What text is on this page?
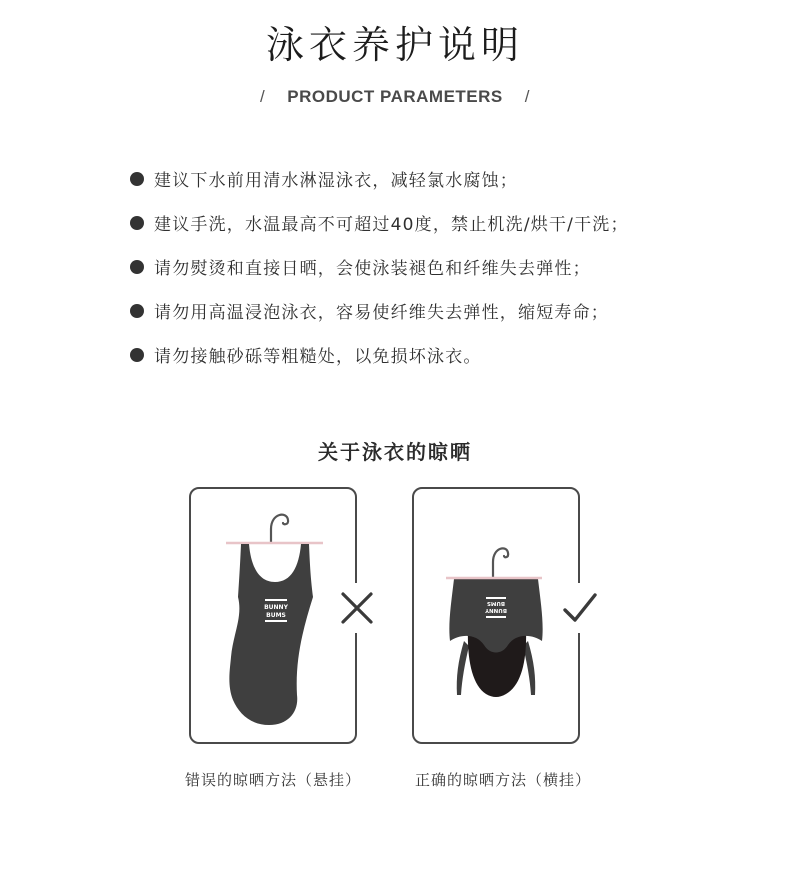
泳衣养护说明
/ PRODUCT PARAMETERS /
建议下水前用清水淋湿泳衣，减轻氯水腐蚀；
建议手洗，水温最高不可超过40度，禁止机洗/烘干/干洗；
请勿熨烫和直接日晒，会使泳装褪色和纤维失去弹性；
请勿用高温浸泡泳衣，容易使纤维失去弹性，缩短寿命；
请勿接触砂砾等粗糙处，以免损坏泳衣。
关于泳衣的晾晒
BUNNY
BUMS
BUMS
BUNNY
错误的晾晒方法（悬挂）	正确的晾晒方法（横挂）
